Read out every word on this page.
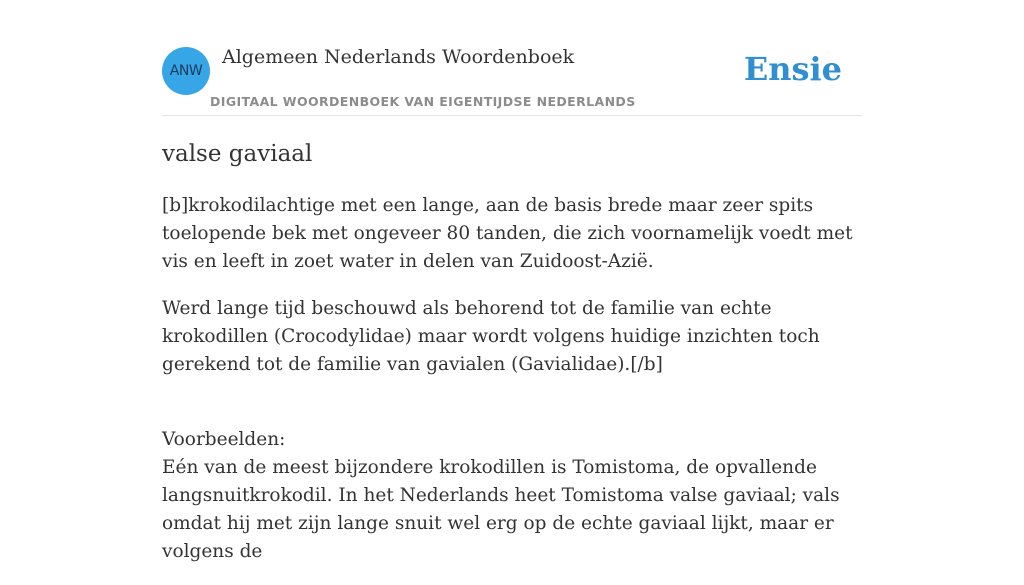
ANW
Algemeen Nederlands Woordenboek
DIGITAAL WOORDENBOEK VAN EIGENTIJDSE NEDERLANDS
Ensie
valse gaviaal

[b]krokodilachtige met een lange, aan de basis brede maar zeer spits toelopende bek met ongeveer 80 tanden, die zich voornamelijk voedt met vis en leeft in zoet water in delen van Zuidoost-Azië.

Werd lange tijd beschouwd als behorend tot de familie van echte krokodillen (Crocodylidae) maar wordt volgens huidige inzichten toch gerekend tot de familie van gavialen (Gavialidae).[/b]

Voorbeelden:
Eén van de meest bijzondere krokodillen is Tomistoma, de opvallende langsnuitkrokodil. In het Nederlands heet Tomistoma valse gaviaal; vals omdat hij met zijn lange snuit wel erg op de echte gaviaal lijkt, maar er volgens de
